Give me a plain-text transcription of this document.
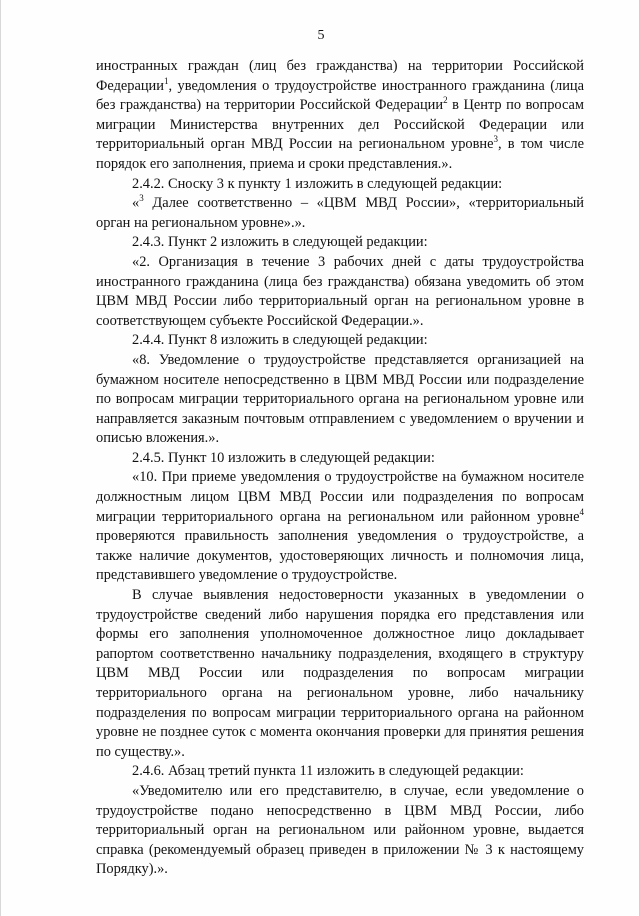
5

иностранных граждан (лиц без гражданства) на территории Российской Федерации$^1$, уведомления о трудоустройстве иностранного гражданина (лица без гражданства) на территории Российской Федерации$^2$ в Центр по вопросам миграции Министерства внутренних дел Российской Федерации или территориальный орган МВД России на региональном уровне$^3$, в том числе порядок его заполнения, приема и сроки представления.».

2.4.2. Сноску 3 к пункту 1 изложить в следующей редакции:

«$^3$ Далее соответственно – «ЦВМ МВД России», «территориальный орган на региональном уровне».».

2.4.3. Пункт 2 изложить в следующей редакции:

«2. Организация в течение 3 рабочих дней с даты трудоустройства иностранного гражданина (лица без гражданства) обязана уведомить об этом ЦВМ МВД России либо территориальный орган на региональном уровне в соответствующем субъекте Российской Федерации.».

2.4.4. Пункт 8 изложить в следующей редакции:

«8. Уведомление о трудоустройстве представляется организацией на бумажном носителе непосредственно в ЦВМ МВД России или подразделение по вопросам миграции территориального органа на региональном уровне или направляется заказным почтовым отправлением с уведомлением о вручении и описью вложения.».

2.4.5. Пункт 10 изложить в следующей редакции:

«10. При приеме уведомления о трудоустройстве на бумажном носителе должностным лицом ЦВМ МВД России или подразделения по вопросам миграции территориального органа на региональном или районном уровне$^4$ проверяются правильность заполнения уведомления о трудоустройстве, а также наличие документов, удостоверяющих личность и полномочия лица, представившего уведомление о трудоустройстве.

В случае выявления недостоверности указанных в уведомлении о трудоустройстве сведений либо нарушения порядка его представления или формы его заполнения уполномоченное должностное лицо докладывает рапортом соответственно начальнику подразделения, входящего в структуру ЦВМ МВД России или подразделения по вопросам миграции территориального органа на региональном уровне, либо начальнику подразделения по вопросам миграции территориального органа на районном уровне не позднее суток с момента окончания проверки для принятия решения по существу.».

2.4.6. Абзац третий пункта 11 изложить в следующей редакции:

«Уведомителю или его представителю, в случае, если уведомление о трудоустройстве подано непосредственно в ЦВМ МВД России, либо территориальный орган на региональном или районном уровне, выдается справка (рекомендуемый образец приведен в приложении № 3 к настоящему Порядку).».
